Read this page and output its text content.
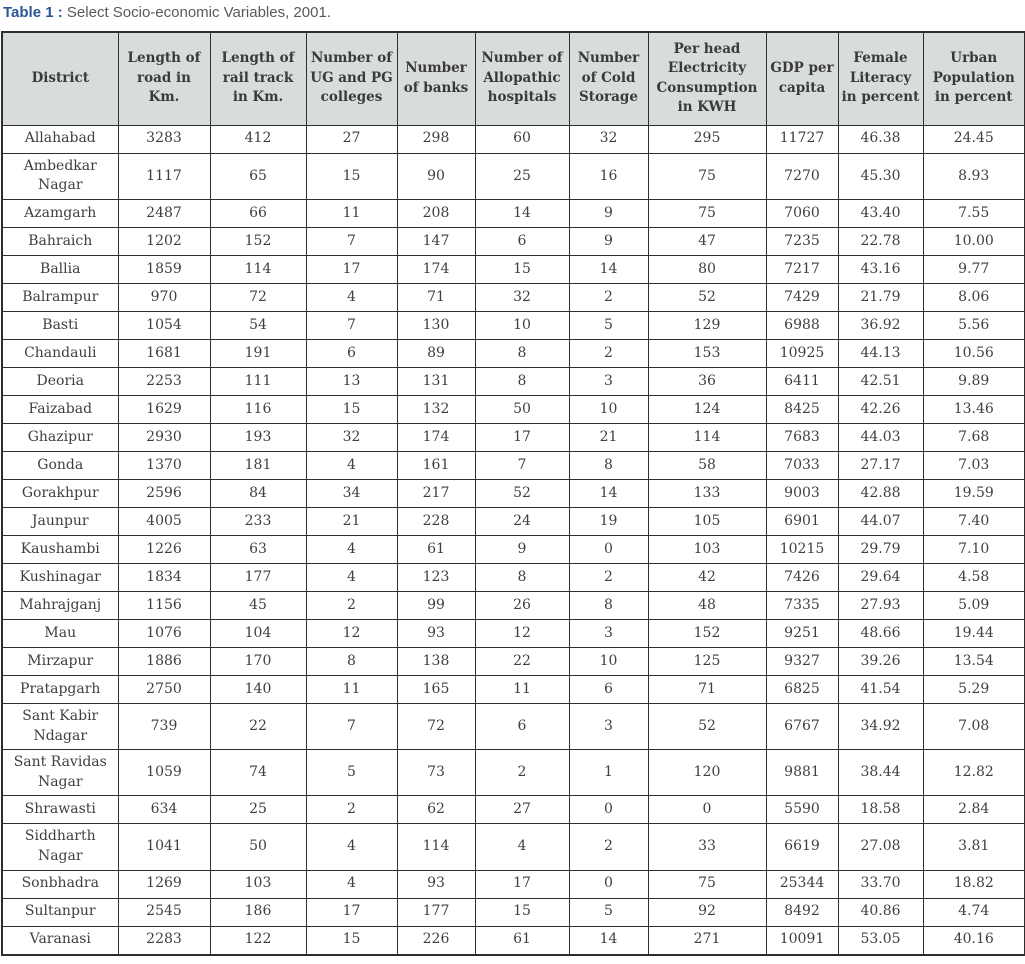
Table 1 : Select Socio-economic Variables, 2001.
District	Length of road in Km.	Length of rail track in Km.	Number of UG and PG colleges	Number of banks	Number of Allopathic hospitals	Number of Cold Storage	Per head Electricity Consumption in KWH	GDP per capita	Female Literacy in percent	Urban Population in percent
Allahabad	3283	412	27	298	60	32	295	11727	46.38	24.45
Ambedkar Nagar	1117	65	15	90	25	16	75	7270	45.30	8.93
Azamgarh	2487	66	11	208	14	9	75	7060	43.40	7.55
Bahraich	1202	152	7	147	6	9	47	7235	22.78	10.00
Ballia	1859	114	17	174	15	14	80	7217	43.16	9.77
Balrampur	970	72	4	71	32	2	52	7429	21.79	8.06
Basti	1054	54	7	130	10	5	129	6988	36.92	5.56
Chandauli	1681	191	6	89	8	2	153	10925	44.13	10.56
Deoria	2253	111	13	131	8	3	36	6411	42.51	9.89
Faizabad	1629	116	15	132	50	10	124	8425	42.26	13.46
Ghazipur	2930	193	32	174	17	21	114	7683	44.03	7.68
Gonda	1370	181	4	161	7	8	58	7033	27.17	7.03
Gorakhpur	2596	84	34	217	52	14	133	9003	42.88	19.59
Jaunpur	4005	233	21	228	24	19	105	6901	44.07	7.40
Kaushambi	1226	63	4	61	9	0	103	10215	29.79	7.10
Kushinagar	1834	177	4	123	8	2	42	7426	29.64	4.58
Mahrajganj	1156	45	2	99	26	8	48	7335	27.93	5.09
Mau	1076	104	12	93	12	3	152	9251	48.66	19.44
Mirzapur	1886	170	8	138	22	10	125	9327	39.26	13.54
Pratapgarh	2750	140	11	165	11	6	71	6825	41.54	5.29
Sant Kabir Ndagar	739	22	7	72	6	3	52	6767	34.92	7.08
Sant Ravidas Nagar	1059	74	5	73	2	1	120	9881	38.44	12.82
Shrawasti	634	25	2	62	27	0	0	5590	18.58	2.84
Siddharth Nagar	1041	50	4	114	4	2	33	6619	27.08	3.81
Sonbhadra	1269	103	4	93	17	0	75	25344	33.70	18.82
Sultanpur	2545	186	17	177	15	5	92	8492	40.86	4.74
Varanasi	2283	122	15	226	61	14	271	10091	53.05	40.16
